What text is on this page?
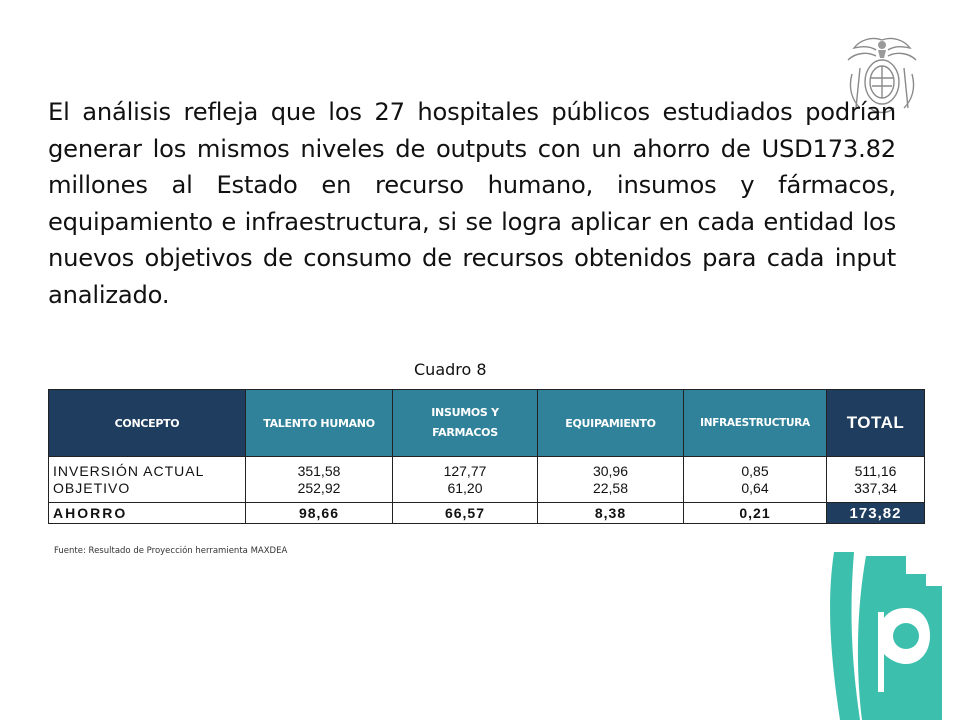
El análisis refleja que los 27 hospitales públicos estudiados podrían generar los mismos niveles de outputs con un ahorro de USD173.82 millones al Estado en recurso humano, insumos y fármacos, equipamiento e infraestructura, si se logra aplicar en cada entidad los nuevos objetivos de consumo de recursos obtenidos para cada input analizado.
Cuadro 8
CONCEPTO	TALENTO HUMANO	INSUMOS Y FARMACOS	EQUIPAMIENTO	INFRAESTRUCTURA	TOTAL
INVERSIÓN ACTUAL	351,58	127,77	30,96	0,85	511,16
OBJETIVO	252,92	61,20	22,58	0,64	337,34
AHORRO	98,66	66,57	8,38	0,21	173,82
Fuente: Resultado de Proyección herramienta MAXDEA
